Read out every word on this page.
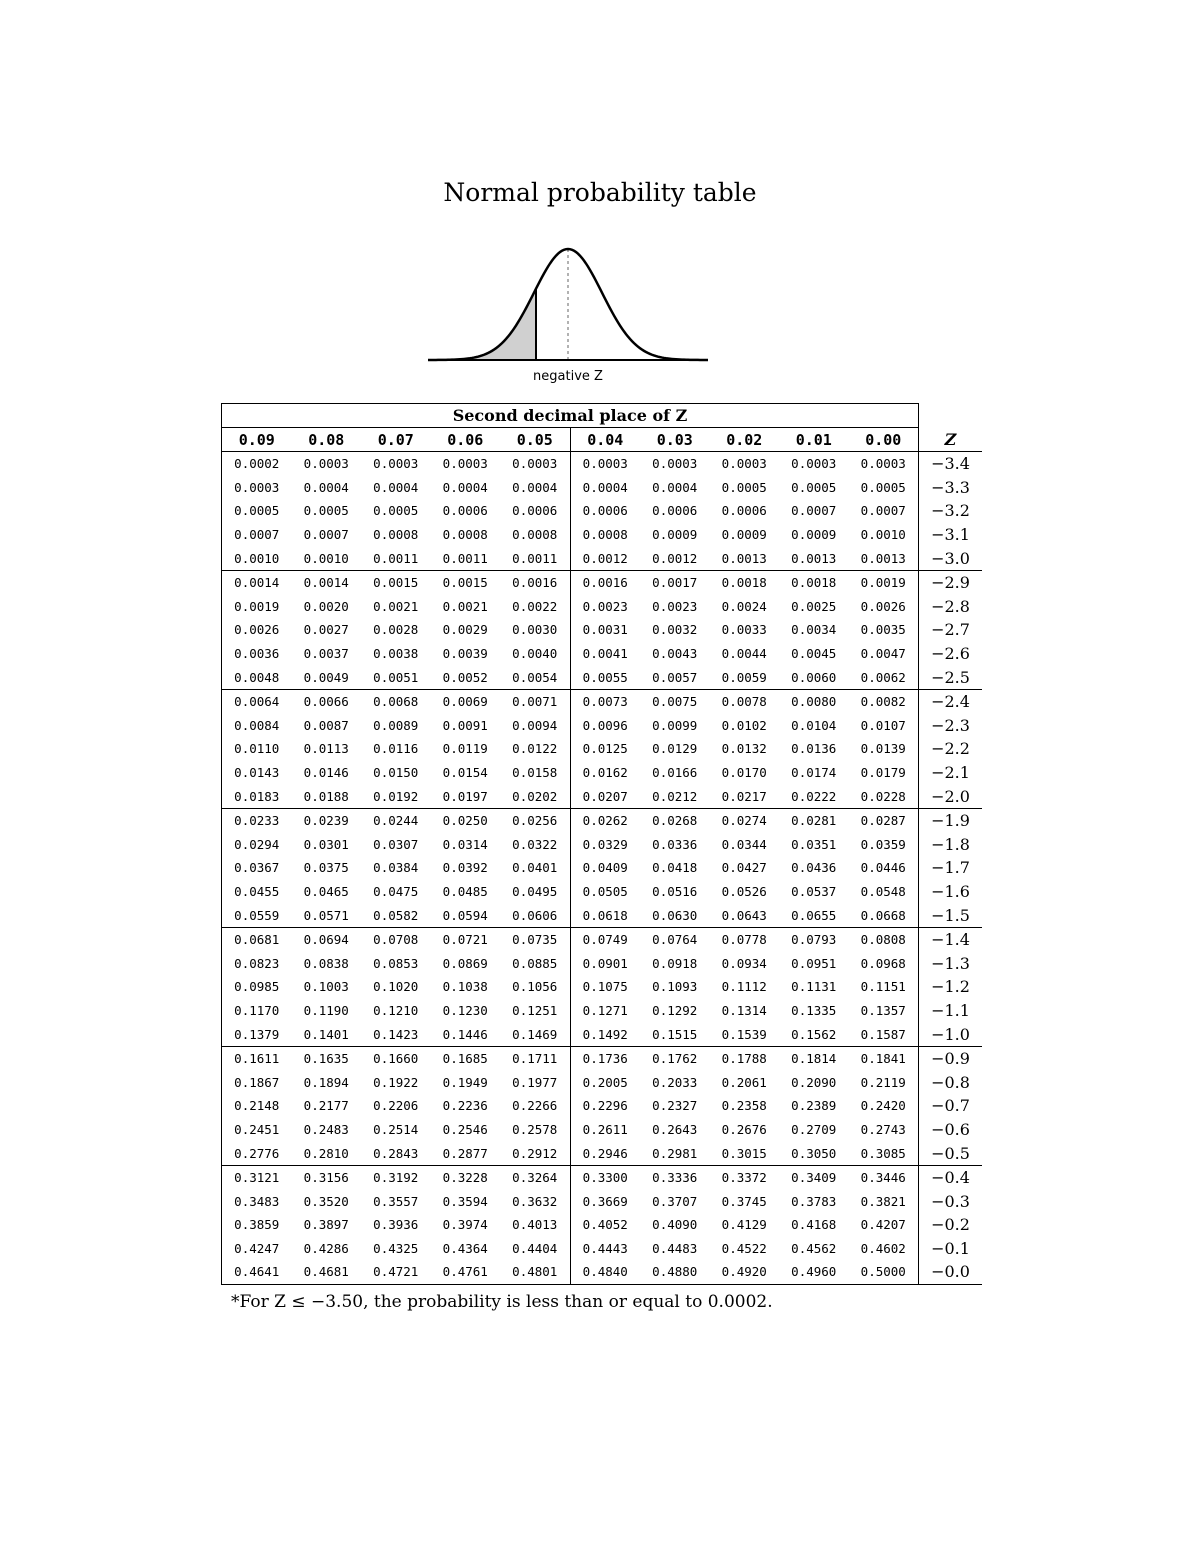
Normal probability table
negative Z
Second decimal place of Z										
0.09	0.08	0.07	0.06	0.05	0.04	0.03	0.02	0.01	0.00	Z
0.0002	0.0003	0.0003	0.0003	0.0003	0.0003	0.0003	0.0003	0.0003	0.0003	−3.4
0.0003	0.0004	0.0004	0.0004	0.0004	0.0004	0.0004	0.0005	0.0005	0.0005	−3.3
0.0005	0.0005	0.0005	0.0006	0.0006	0.0006	0.0006	0.0006	0.0007	0.0007	−3.2
0.0007	0.0007	0.0008	0.0008	0.0008	0.0008	0.0009	0.0009	0.0009	0.0010	−3.1
0.0010	0.0010	0.0011	0.0011	0.0011	0.0012	0.0012	0.0013	0.0013	0.0013	−3.0
0.0014	0.0014	0.0015	0.0015	0.0016	0.0016	0.0017	0.0018	0.0018	0.0019	−2.9
0.0019	0.0020	0.0021	0.0021	0.0022	0.0023	0.0023	0.0024	0.0025	0.0026	−2.8
0.0026	0.0027	0.0028	0.0029	0.0030	0.0031	0.0032	0.0033	0.0034	0.0035	−2.7
0.0036	0.0037	0.0038	0.0039	0.0040	0.0041	0.0043	0.0044	0.0045	0.0047	−2.6
0.0048	0.0049	0.0051	0.0052	0.0054	0.0055	0.0057	0.0059	0.0060	0.0062	−2.5
0.0064	0.0066	0.0068	0.0069	0.0071	0.0073	0.0075	0.0078	0.0080	0.0082	−2.4
0.0084	0.0087	0.0089	0.0091	0.0094	0.0096	0.0099	0.0102	0.0104	0.0107	−2.3
0.0110	0.0113	0.0116	0.0119	0.0122	0.0125	0.0129	0.0132	0.0136	0.0139	−2.2
0.0143	0.0146	0.0150	0.0154	0.0158	0.0162	0.0166	0.0170	0.0174	0.0179	−2.1
0.0183	0.0188	0.0192	0.0197	0.0202	0.0207	0.0212	0.0217	0.0222	0.0228	−2.0
0.0233	0.0239	0.0244	0.0250	0.0256	0.0262	0.0268	0.0274	0.0281	0.0287	−1.9
0.0294	0.0301	0.0307	0.0314	0.0322	0.0329	0.0336	0.0344	0.0351	0.0359	−1.8
0.0367	0.0375	0.0384	0.0392	0.0401	0.0409	0.0418	0.0427	0.0436	0.0446	−1.7
0.0455	0.0465	0.0475	0.0485	0.0495	0.0505	0.0516	0.0526	0.0537	0.0548	−1.6
0.0559	0.0571	0.0582	0.0594	0.0606	0.0618	0.0630	0.0643	0.0655	0.0668	−1.5
0.0681	0.0694	0.0708	0.0721	0.0735	0.0749	0.0764	0.0778	0.0793	0.0808	−1.4
0.0823	0.0838	0.0853	0.0869	0.0885	0.0901	0.0918	0.0934	0.0951	0.0968	−1.3
0.0985	0.1003	0.1020	0.1038	0.1056	0.1075	0.1093	0.1112	0.1131	0.1151	−1.2
0.1170	0.1190	0.1210	0.1230	0.1251	0.1271	0.1292	0.1314	0.1335	0.1357	−1.1
0.1379	0.1401	0.1423	0.1446	0.1469	0.1492	0.1515	0.1539	0.1562	0.1587	−1.0
0.1611	0.1635	0.1660	0.1685	0.1711	0.1736	0.1762	0.1788	0.1814	0.1841	−0.9
0.1867	0.1894	0.1922	0.1949	0.1977	0.2005	0.2033	0.2061	0.2090	0.2119	−0.8
0.2148	0.2177	0.2206	0.2236	0.2266	0.2296	0.2327	0.2358	0.2389	0.2420	−0.7
0.2451	0.2483	0.2514	0.2546	0.2578	0.2611	0.2643	0.2676	0.2709	0.2743	−0.6
0.2776	0.2810	0.2843	0.2877	0.2912	0.2946	0.2981	0.3015	0.3050	0.3085	−0.5
0.3121	0.3156	0.3192	0.3228	0.3264	0.3300	0.3336	0.3372	0.3409	0.3446	−0.4
0.3483	0.3520	0.3557	0.3594	0.3632	0.3669	0.3707	0.3745	0.3783	0.3821	−0.3
0.3859	0.3897	0.3936	0.3974	0.4013	0.4052	0.4090	0.4129	0.4168	0.4207	−0.2
0.4247	0.4286	0.4325	0.4364	0.4404	0.4443	0.4483	0.4522	0.4562	0.4602	−0.1
0.4641	0.4681	0.4721	0.4761	0.4801	0.4840	0.4880	0.4920	0.4960	0.5000	−0.0
*For Z ≤ −3.50, the probability is less than or equal to 0.0002.
